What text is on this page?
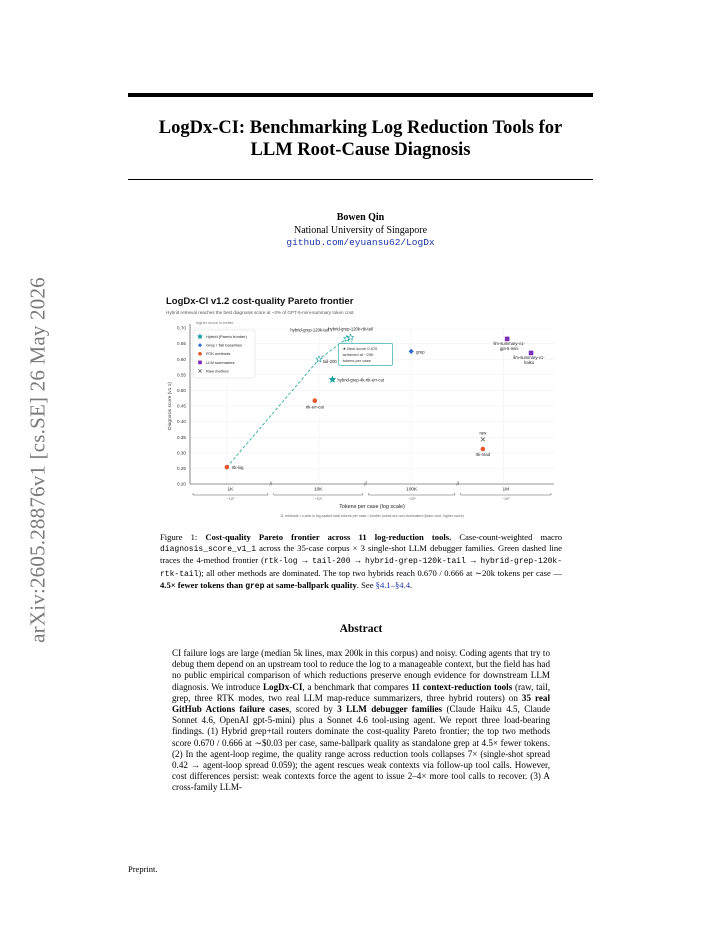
arXiv:2605.28876v1 [cs.SE] 26 May 2026
LogDx-CI: Benchmarking Log Reduction Tools for
LLM Root-Cause Diagnosis
Bowen Qin
National University of Singapore
github.com/eyuansu62/LogDx
LogDx-CI v1.2 cost-quality Pareto frontier
Hybrid retrieval reaches the best diagnosis score at ~3% of GPT-5-mini-summary token cost.
0.20
0.25
0.30
0.35
0.40
0.45
0.50
0.55
0.60
0.65
0.70
higher score is better
Diagnosis score (v1.1)
1K
~10³
10K
~10⁴
100K
~10⁵
1M
~10⁶
//	//	//
Tokens per case (log scale)
11 methods • x-axis is log-scaled total tokens per case • frontier points are non-dominated (lower cost, higher score)
rtk-log
tail-200
hybrid-grep-120k-tail hybrid-grep-120k-rtk-tail
hybrid-grep-4k-rtk-err-cat
rtk-err-cat
grep
llm-summary-v1-
gpt-5-mini
llm-summary-v1-
haiku
raw
rtk-read
Hybrid (Pareto frontier)
Grep / Tail baselines
RTK methods
LLM summaries
Raw method
★ Best score 0.670
achieved at ~20K
tokens per case
Figure 1: Cost-quality Pareto frontier across 11 log-reduction tools. Case-count-weighted macro diagnosis_score_v1_1 across the 35-case corpus × 3 single-shot LLM debugger families. Green dashed line traces the 4-method frontier (rtk-log → tail-200 → hybrid-grep-120k-tail → hybrid-grep-120k-rtk-tail); all other methods are dominated. The top two hybrids reach 0.670 / 0.666 at ∼20k tokens per case — 4.5× fewer tokens than grep at same-ballpark quality. See §4.1–§4.4.
Abstract
CI failure logs are large (median 5k lines, max 200k in this corpus) and noisy. Coding agents that try to debug them depend on an upstream tool to reduce the log to a manageable context, but the field has had no public empirical comparison of which reductions preserve enough evidence for downstream LLM diagnosis. We introduce LogDx-CI, a benchmark that compares 11 context-reduction tools (raw, tail, grep, three RTK modes, two real LLM map-reduce summarizers, three hybrid routers) on 35 real GitHub Actions failure cases, scored by 3 LLM debugger families (Claude Haiku 4.5, Claude Sonnet 4.6, OpenAI gpt-5-mini) plus a Sonnet 4.6 tool-using agent. We report three load-bearing findings. (1) Hybrid grep+tail routers dominate the cost-quality Pareto frontier; the top two methods score 0.670 / 0.666 at ∼$0.03 per case, same-ballpark quality as standalone grep at 4.5× fewer tokens. (2) In the agent-loop regime, the quality range across reduction tools collapses 7× (single-shot spread 0.42 → agent-loop spread 0.059); the agent rescues weak contexts via follow-up tool calls. However, cost differences persist: weak contexts force the agent to issue 2–4× more tool calls to recover. (3) A cross-family LLM-
Preprint.
